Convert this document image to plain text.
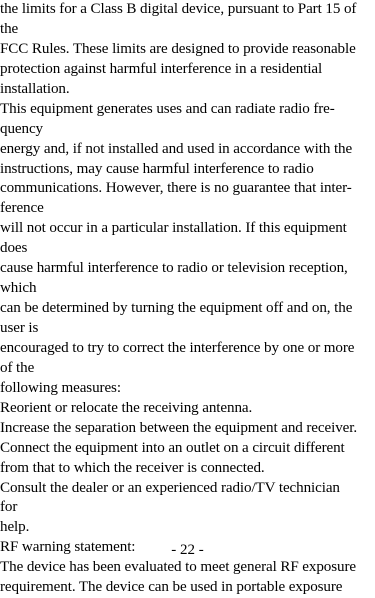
the limits for a Class B digital device, pursuant to Part 15 of
the
FCC Rules. These limits are designed to provide reasonable
protection against harmful interference in a residential
installation.
This equipment generates uses and can radiate radio fre-
quency
energy and, if not installed and used in accordance with the
instructions, may cause harmful interference to radio
communications. However, there is no guarantee that inter-
ference
will not occur in a particular installation. If this equipment
does
cause harmful interference to radio or television reception,
which
can be determined by turning the equipment off and on, the
user is
encouraged to try to correct the interference by one or more
of the
following measures:
Reorient or relocate the receiving antenna.
Increase the separation between the equipment and receiver.
Connect the equipment into an outlet on a circuit different
from that to which the receiver is connected.
Consult the dealer or an experienced radio/TV technician
for
help.
RF warning statement:
The device has been evaluated to meet general RF exposure
requirement. The device can be used in portable exposure
- 22 -
